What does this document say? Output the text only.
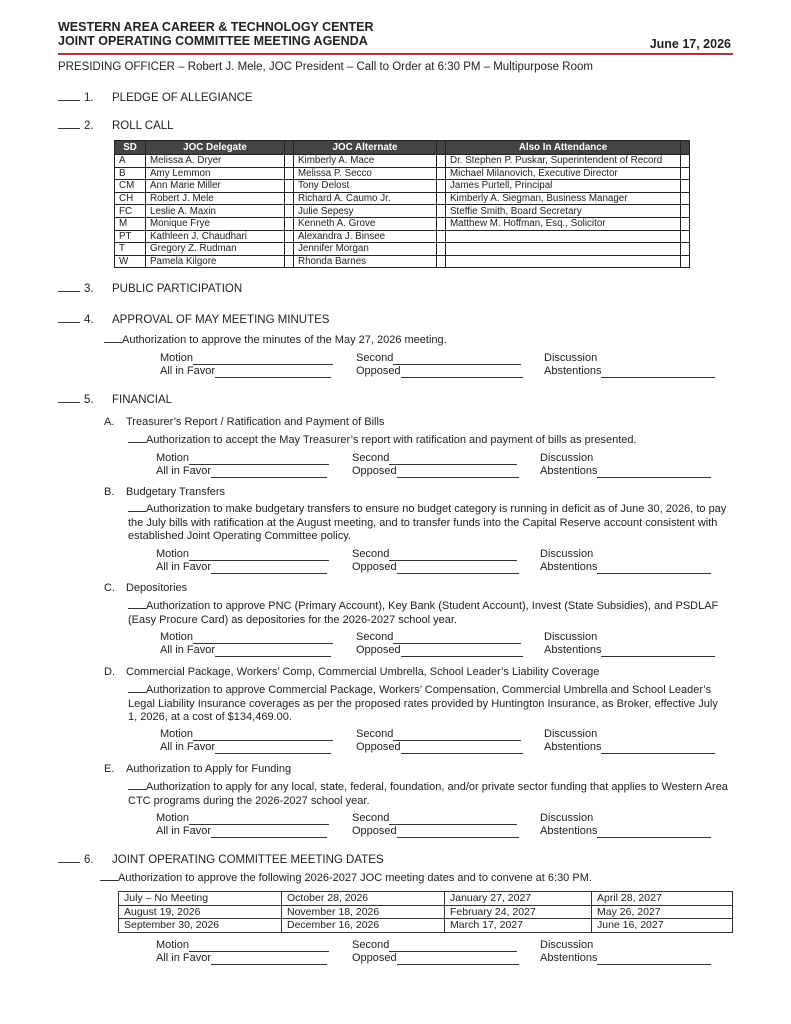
WESTERN AREA CAREER & TECHNOLOGY CENTER
JOINT OPERATING COMMITTEE MEETING AGENDA	June 17, 2026
PRESIDING OFFICER – Robert J. Mele, JOC President – Call to Order at 6:30 PM – Multipurpose Room
1. PLEDGE OF ALLEGIANCE
2. ROLL CALL
SD	JOC Delegate		JOC Alternate		Also In Attendance	
A	Melissa A. Dryer		Kimberly A. Mace		Dr. Stephen P. Puskar, Superintendent of Record	
B	Amy Lemmon		Melissa P. Secco		Michael Milanovich, Executive Director	
CM	Ann Marie Miller		Tony Delost		James Purtell, Principal	
CH	Robert J. Mele		Richard A. Caumo Jr.		Kimberly A. Siegman, Business Manager	
FC	Leslie A. Maxin		Julie Sepesy		Steffie Smith, Board Secretary	
M	Monique Frye		Kenneth A. Grove		Matthew M. Hoffman, Esq., Solicitor	
PT	Kathleen J. Chaudhari		Alexandra J. Binsee			
T	Gregory Z. Rudman		Jennifer Morgan			
W	Pamela Kilgore		Rhonda Barnes			
3. PUBLIC PARTICIPATION
4. APPROVAL OF MAY MEETING MINUTES
Authorization to approve the minutes of the May 27, 2026 meeting.
Motion	Second	Discussion
All in Favor	Opposed	Abstentions
5. FINANCIAL
A. Treasurer’s Report / Ratification and Payment of Bills
Authorization to accept the May Treasurer’s report with ratification and payment of bills as presented.
Motion	Second	Discussion
All in Favor	Opposed	Abstentions
B. Budgetary Transfers
Authorization to make budgetary transfers to ensure no budget category is running in deficit as of June 30, 2026, to pay the July bills with ratification at the August meeting, and to transfer funds into the Capital Reserve account consistent with established Joint Operating Committee policy.
Motion	Second	Discussion
All in Favor	Opposed	Abstentions
C. Depositories
Authorization to approve PNC (Primary Account), Key Bank (Student Account), Invest (State Subsidies), and PSDLAF (Easy Procure Card) as depositories for the 2026-2027 school year.
Motion	Second	Discussion
All in Favor	Opposed	Abstentions
D. Commercial Package, Workers’ Comp, Commercial Umbrella, School Leader’s Liability Coverage
Authorization to approve Commercial Package, Workers’ Compensation, Commercial Umbrella and School Leader’s Legal Liability Insurance coverages as per the proposed rates provided by Huntington Insurance, as Broker, effective July 1, 2026, at a cost of $134,469.00.
Motion	Second	Discussion
All in Favor	Opposed	Abstentions
E. Authorization to Apply for Funding
Authorization to apply for any local, state, federal, foundation, and/or private sector funding that applies to Western Area CTC programs during the 2026-2027 school year.
Motion	Second	Discussion
All in Favor	Opposed	Abstentions
6. JOINT OPERATING COMMITTEE MEETING DATES
Authorization to approve the following 2026-2027 JOC meeting dates and to convene at 6:30 PM.
July – No Meeting	October 28, 2026	January 27, 2027	April 28, 2027
August 19, 2026	November 18, 2026	February 24, 2027	May 26, 2027
September 30, 2026	December 16, 2026	March 17, 2027	June 16, 2027
Motion	Second	Discussion
All in Favor	Opposed	Abstentions
